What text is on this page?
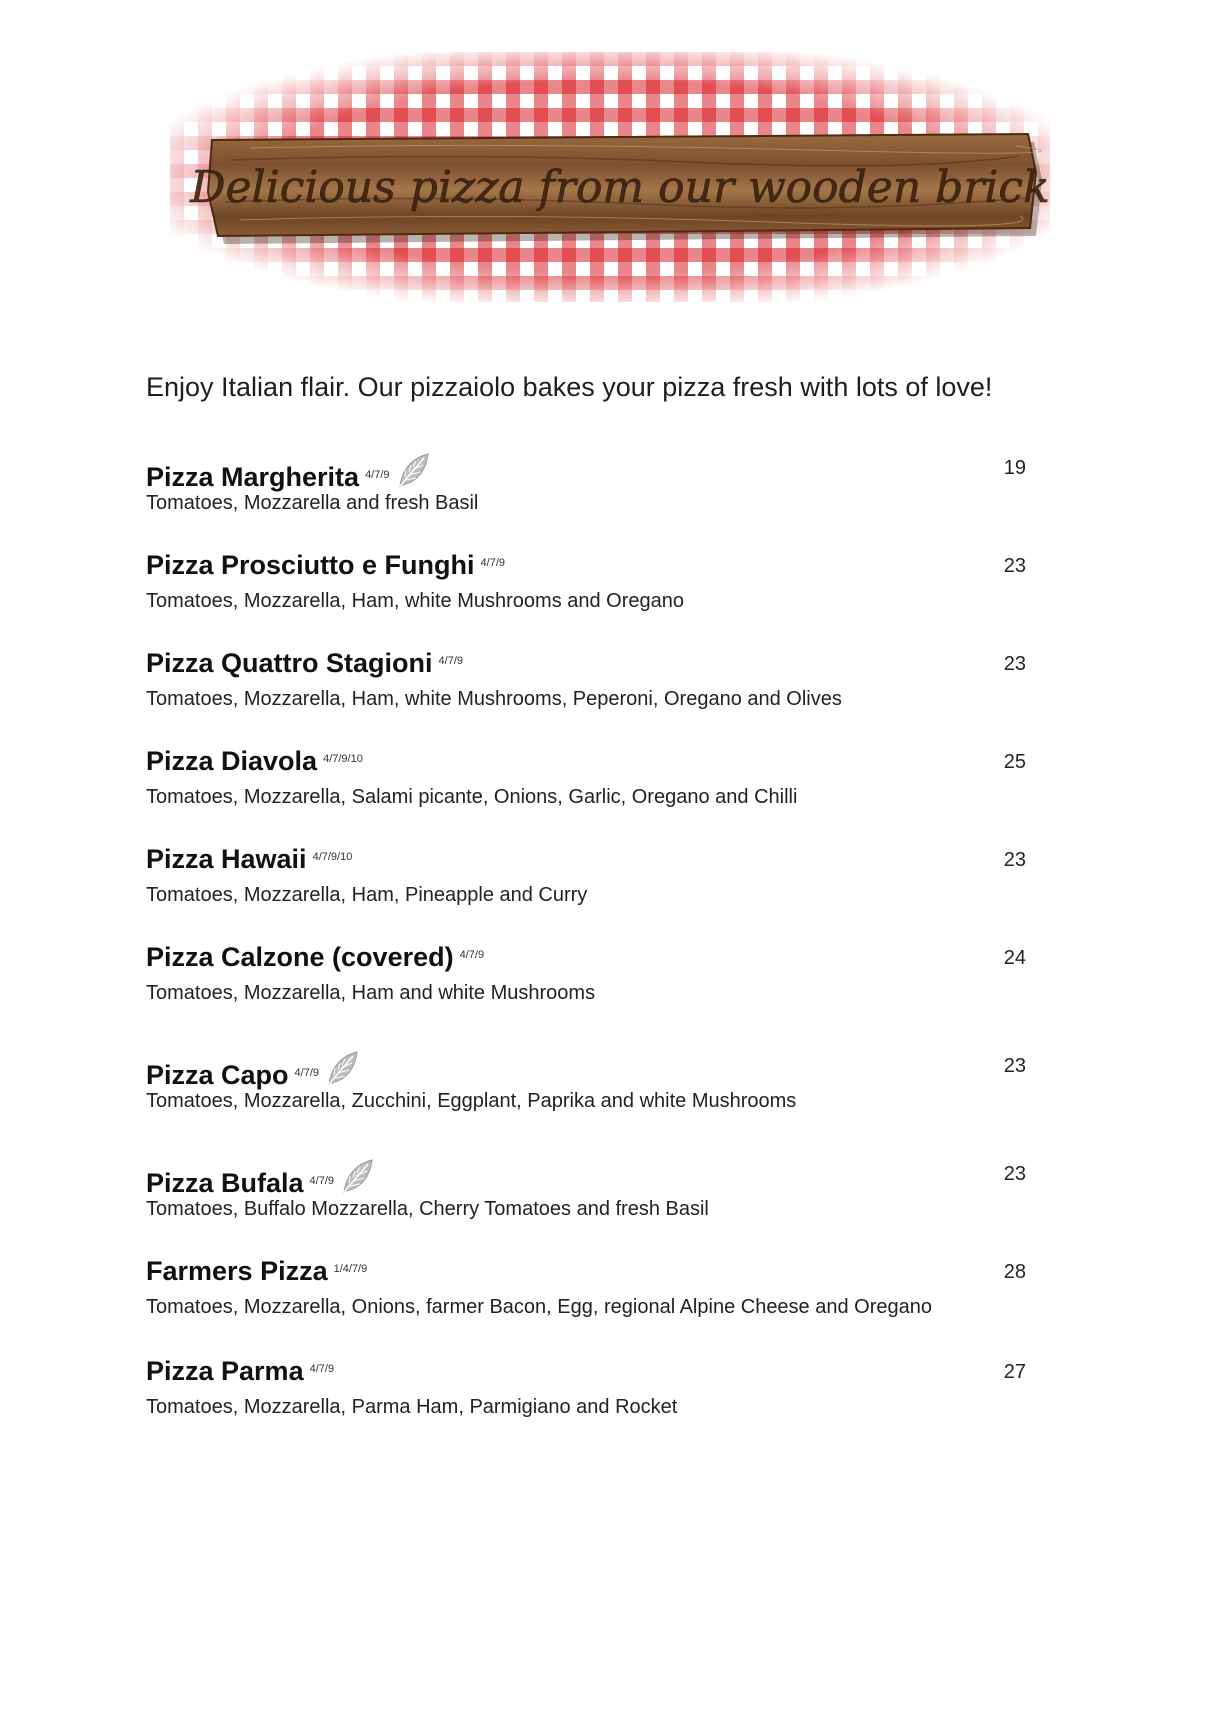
Delicious pizza from our wooden brick
Enjoy Italian flair. Our pizzaiolo bakes your pizza fresh with lots of love!
Pizza Margherita 4/7/9	19
Tomatoes, Mozzarella and fresh Basil
Pizza Prosciutto e Funghi 4/7/9	23
Tomatoes, Mozzarella, Ham, white Mushrooms and Oregano
Pizza Quattro Stagioni 4/7/9	23
Tomatoes, Mozzarella, Ham, white Mushrooms, Peperoni, Oregano and Olives
Pizza Diavola 4/7/9/10	25
Tomatoes, Mozzarella, Salami picante, Onions, Garlic, Oregano and Chilli
Pizza Hawaii 4/7/9/10	23
Tomatoes, Mozzarella, Ham, Pineapple and Curry
Pizza Calzone (covered) 4/7/9	24
Tomatoes, Mozzarella, Ham and white Mushrooms
Pizza Capo 4/7/9	23
Tomatoes, Mozzarella, Zucchini, Eggplant, Paprika and white Mushrooms
Pizza Bufala 4/7/9	23
Tomatoes, Buffalo Mozzarella, Cherry Tomatoes and fresh Basil
Farmers Pizza 1/4/7/9	28
Tomatoes, Mozzarella, Onions, farmer Bacon, Egg, regional Alpine Cheese and Oregano
Pizza Parma 4/7/9	27
Tomatoes, Mozzarella, Parma Ham, Parmigiano and Rocket
